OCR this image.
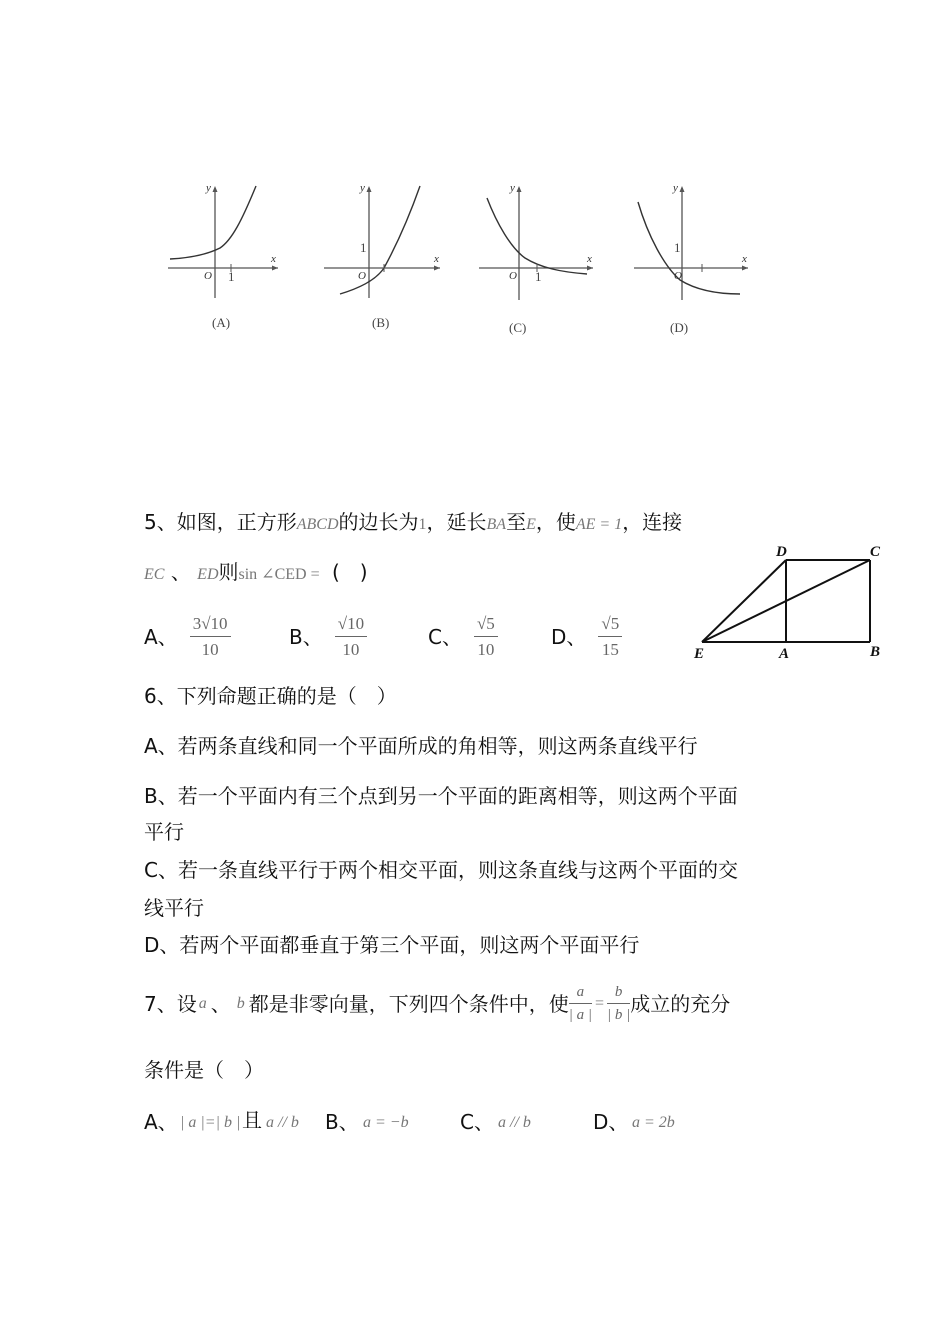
x
y
O 1
(A)
x
y
O
1
(B)
x
y
O 1
(C)
x
y
O
1
(D)
5、如图，正方形ABCD的边长为1，延长BA至E，使AE = 1，连接
EC 、 ED则sin ∠CED = (　)
A、 $\frac{3√10}{10}$	B、 $\frac{√10}{10}$	C、 $\frac{√5}{10}$	D、 $\frac{√5}{15}$
D	C
E	A	B
6、下列命题正确的是（　）
A、若两条直线和同一个平面所成的角相等，则这两条直线平行
B、若一个平面内有三个点到另一个平面的距离相等，则这两个平面
平行
C、若一条直线平行于两个相交平面，则这条直线与这两个平面的交
线平行
D、若两个平面都垂直于第三个平面，则这两个平面平行
7、设 a 、 b 都是非零向量，下列四个条件中，使 $\frac{a}{| a |} = \frac{b}{| b |}$ 成立的充分
条件是（　）
A、 | a |=| b | 且 a // b B、 a = −b	C、 a // b	D、 a = 2b
